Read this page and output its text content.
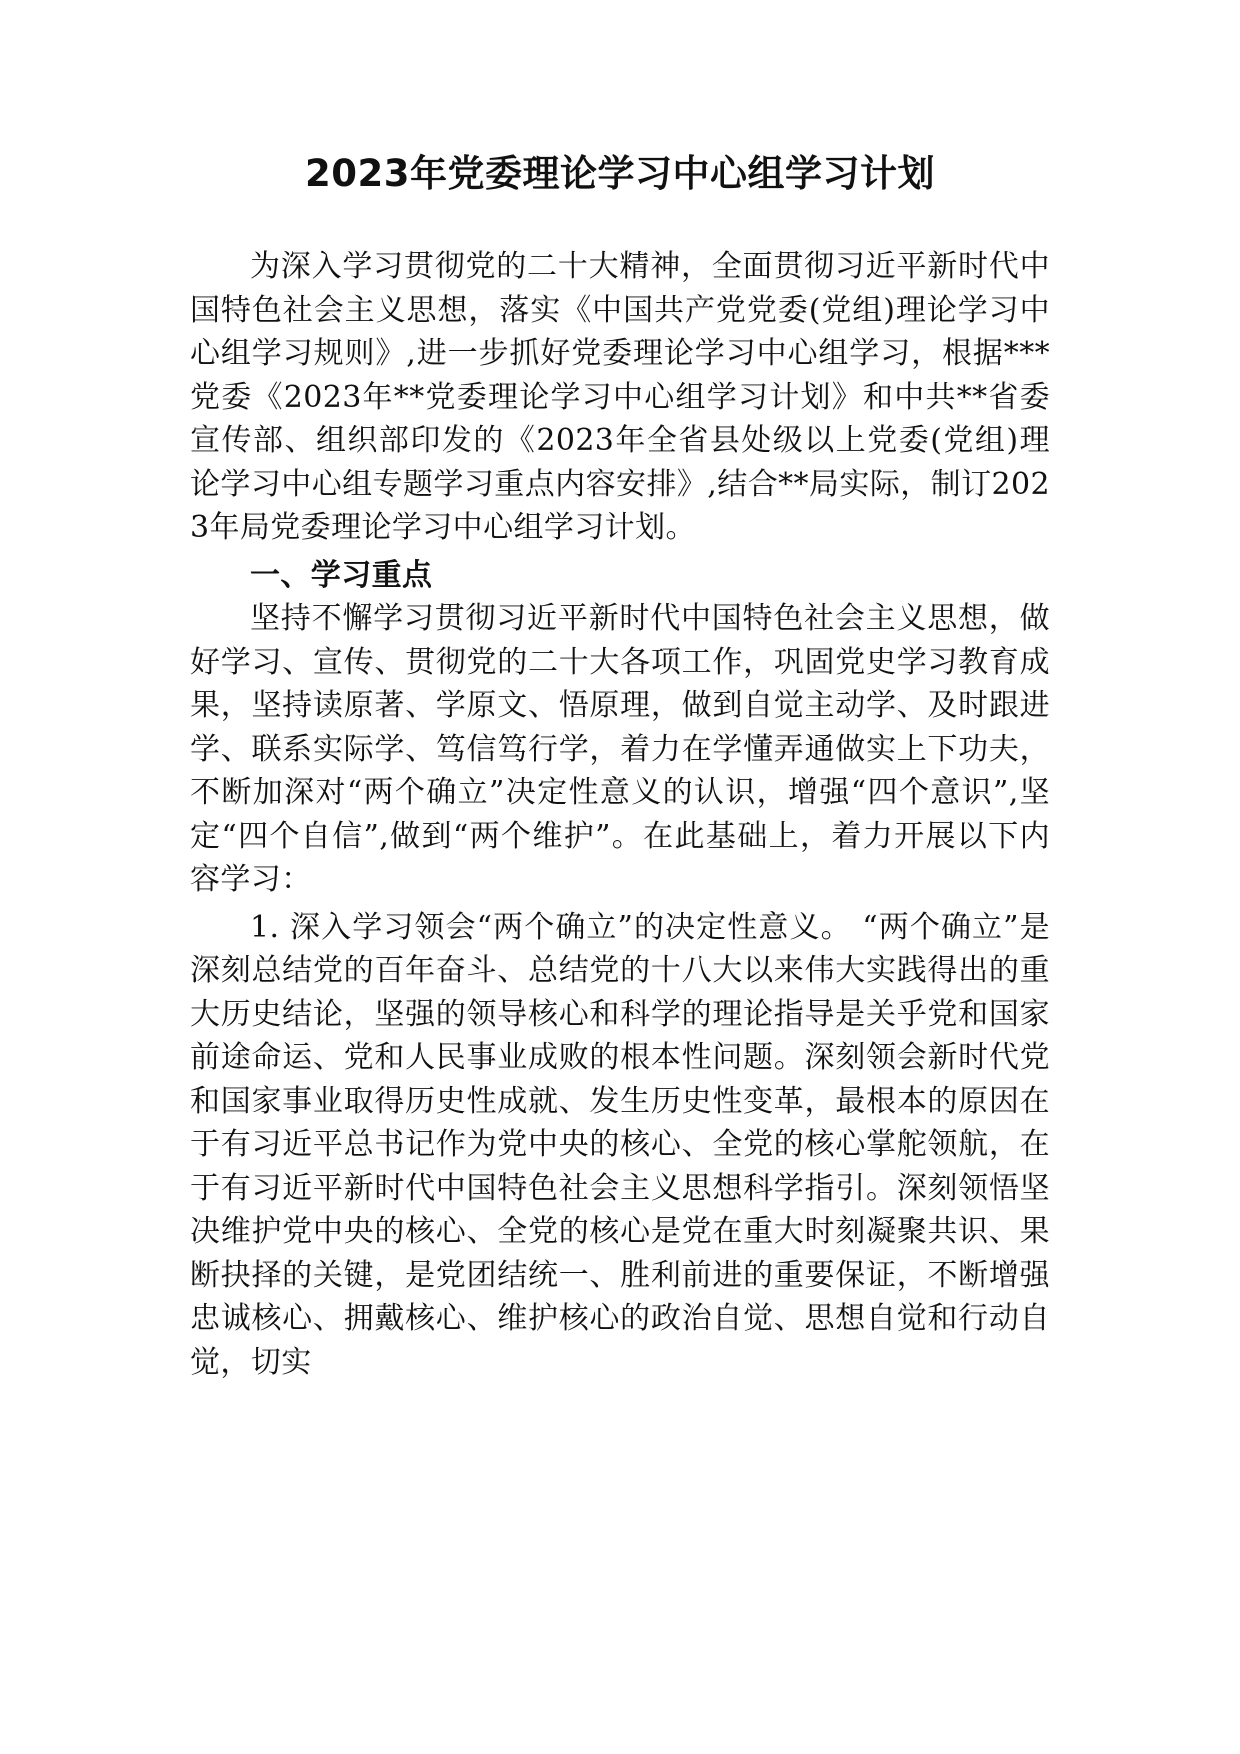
2023年党委理论学习中心组学习计划

为深入学习贯彻党的二十大精神，全面贯彻习近平新时代中国特色社会主义思想，落实《中国共产党党委(党组)理论学习中心组学习规则》,进一步抓好党委理论学习中心组学习，根据***党委《2023年**党委理论学习中心组学习计划》和中共**省委宣传部、组织部印发的《2023年全省县处级以上党委(党组)理论学习中心组专题学习重点内容安排》,结合**局实际，制订2023年局党委理论学习中心组学习计划。

一、学习重点

坚持不懈学习贯彻习近平新时代中国特色社会主义思想，做好学习、宣传、贯彻党的二十大各项工作，巩固党史学习教育成果，坚持读原著、学原文、悟原理，做到自觉主动学、及时跟进学、联系实际学、笃信笃行学，着力在学懂弄通做实上下功夫，不断加深对“两个确立”决定性意义的认识，增强“四个意识”,坚定“四个自信”,做到“两个维护”。在此基础上，着力开展以下内容学习：

1. 深入学习领会“两个确立”的决定性意义。 “两个确立”是深刻总结党的百年奋斗、总结党的十八大以来伟大实践得出的重大历史结论，坚强的领导核心和科学的理论指导是关乎党和国家前途命运、党和人民事业成败的根本性问题。深刻领会新时代党和国家事业取得历史性成就、发生历史性变革，最根本的原因在于有习近平总书记作为党中央的核心、全党的核心掌舵领航，在于有习近平新时代中国特色社会主义思想科学指引。深刻领悟坚决维护党中央的核心、全党的核心是党在重大时刻凝聚共识、果断抉择的关键，是党团结统一、胜利前进的重要保证，不断增强忠诚核心、拥戴核心、维护核心的政治自觉、思想自觉和行动自觉，切实
